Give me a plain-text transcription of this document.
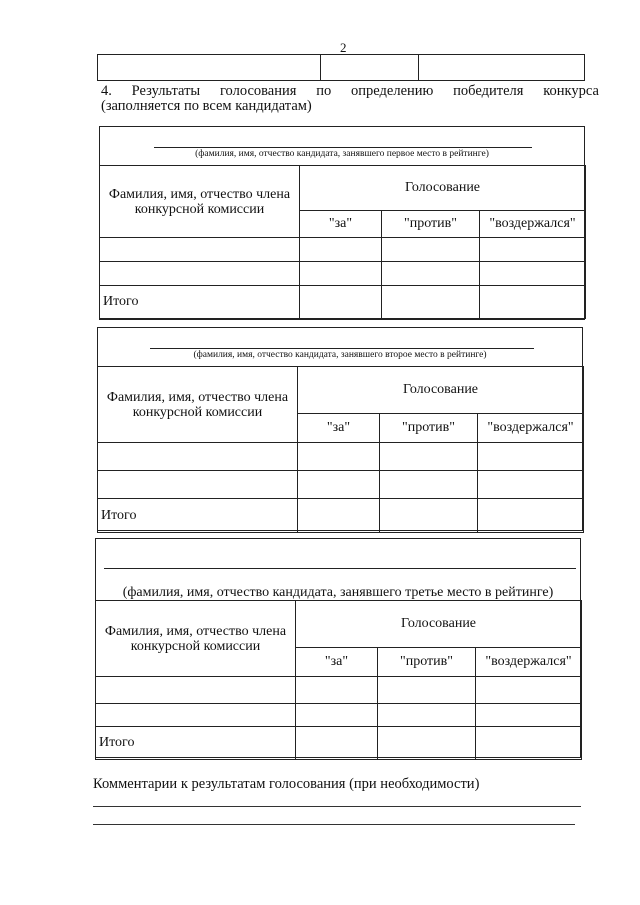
2
4. Результаты голосования по определению победителя конкурса
(заполняется по всем кандидатам)
(фамилия, имя, отчество кандидата, занявшего первое место в рейтинге)
Фамилия, имя, отчество члена конкурсной комиссии	Голосование		
	"за"	"против"	"воздержался"

Итого			
(фамилия, имя, отчество кандидата, занявшего второе место в рейтинге)
Фамилия, имя, отчество члена конкурсной комиссии	Голосование		
	"за"	"против"	"воздержался"

Итого			
(фамилия, имя, отчество кандидата, занявшего третье место в рейтинге)
Фамилия, имя, отчество члена конкурсной комиссии	Голосование		
	"за"	"против"	"воздержался"

Итого			
Комментарии к результатам голосования (при необходимости)
